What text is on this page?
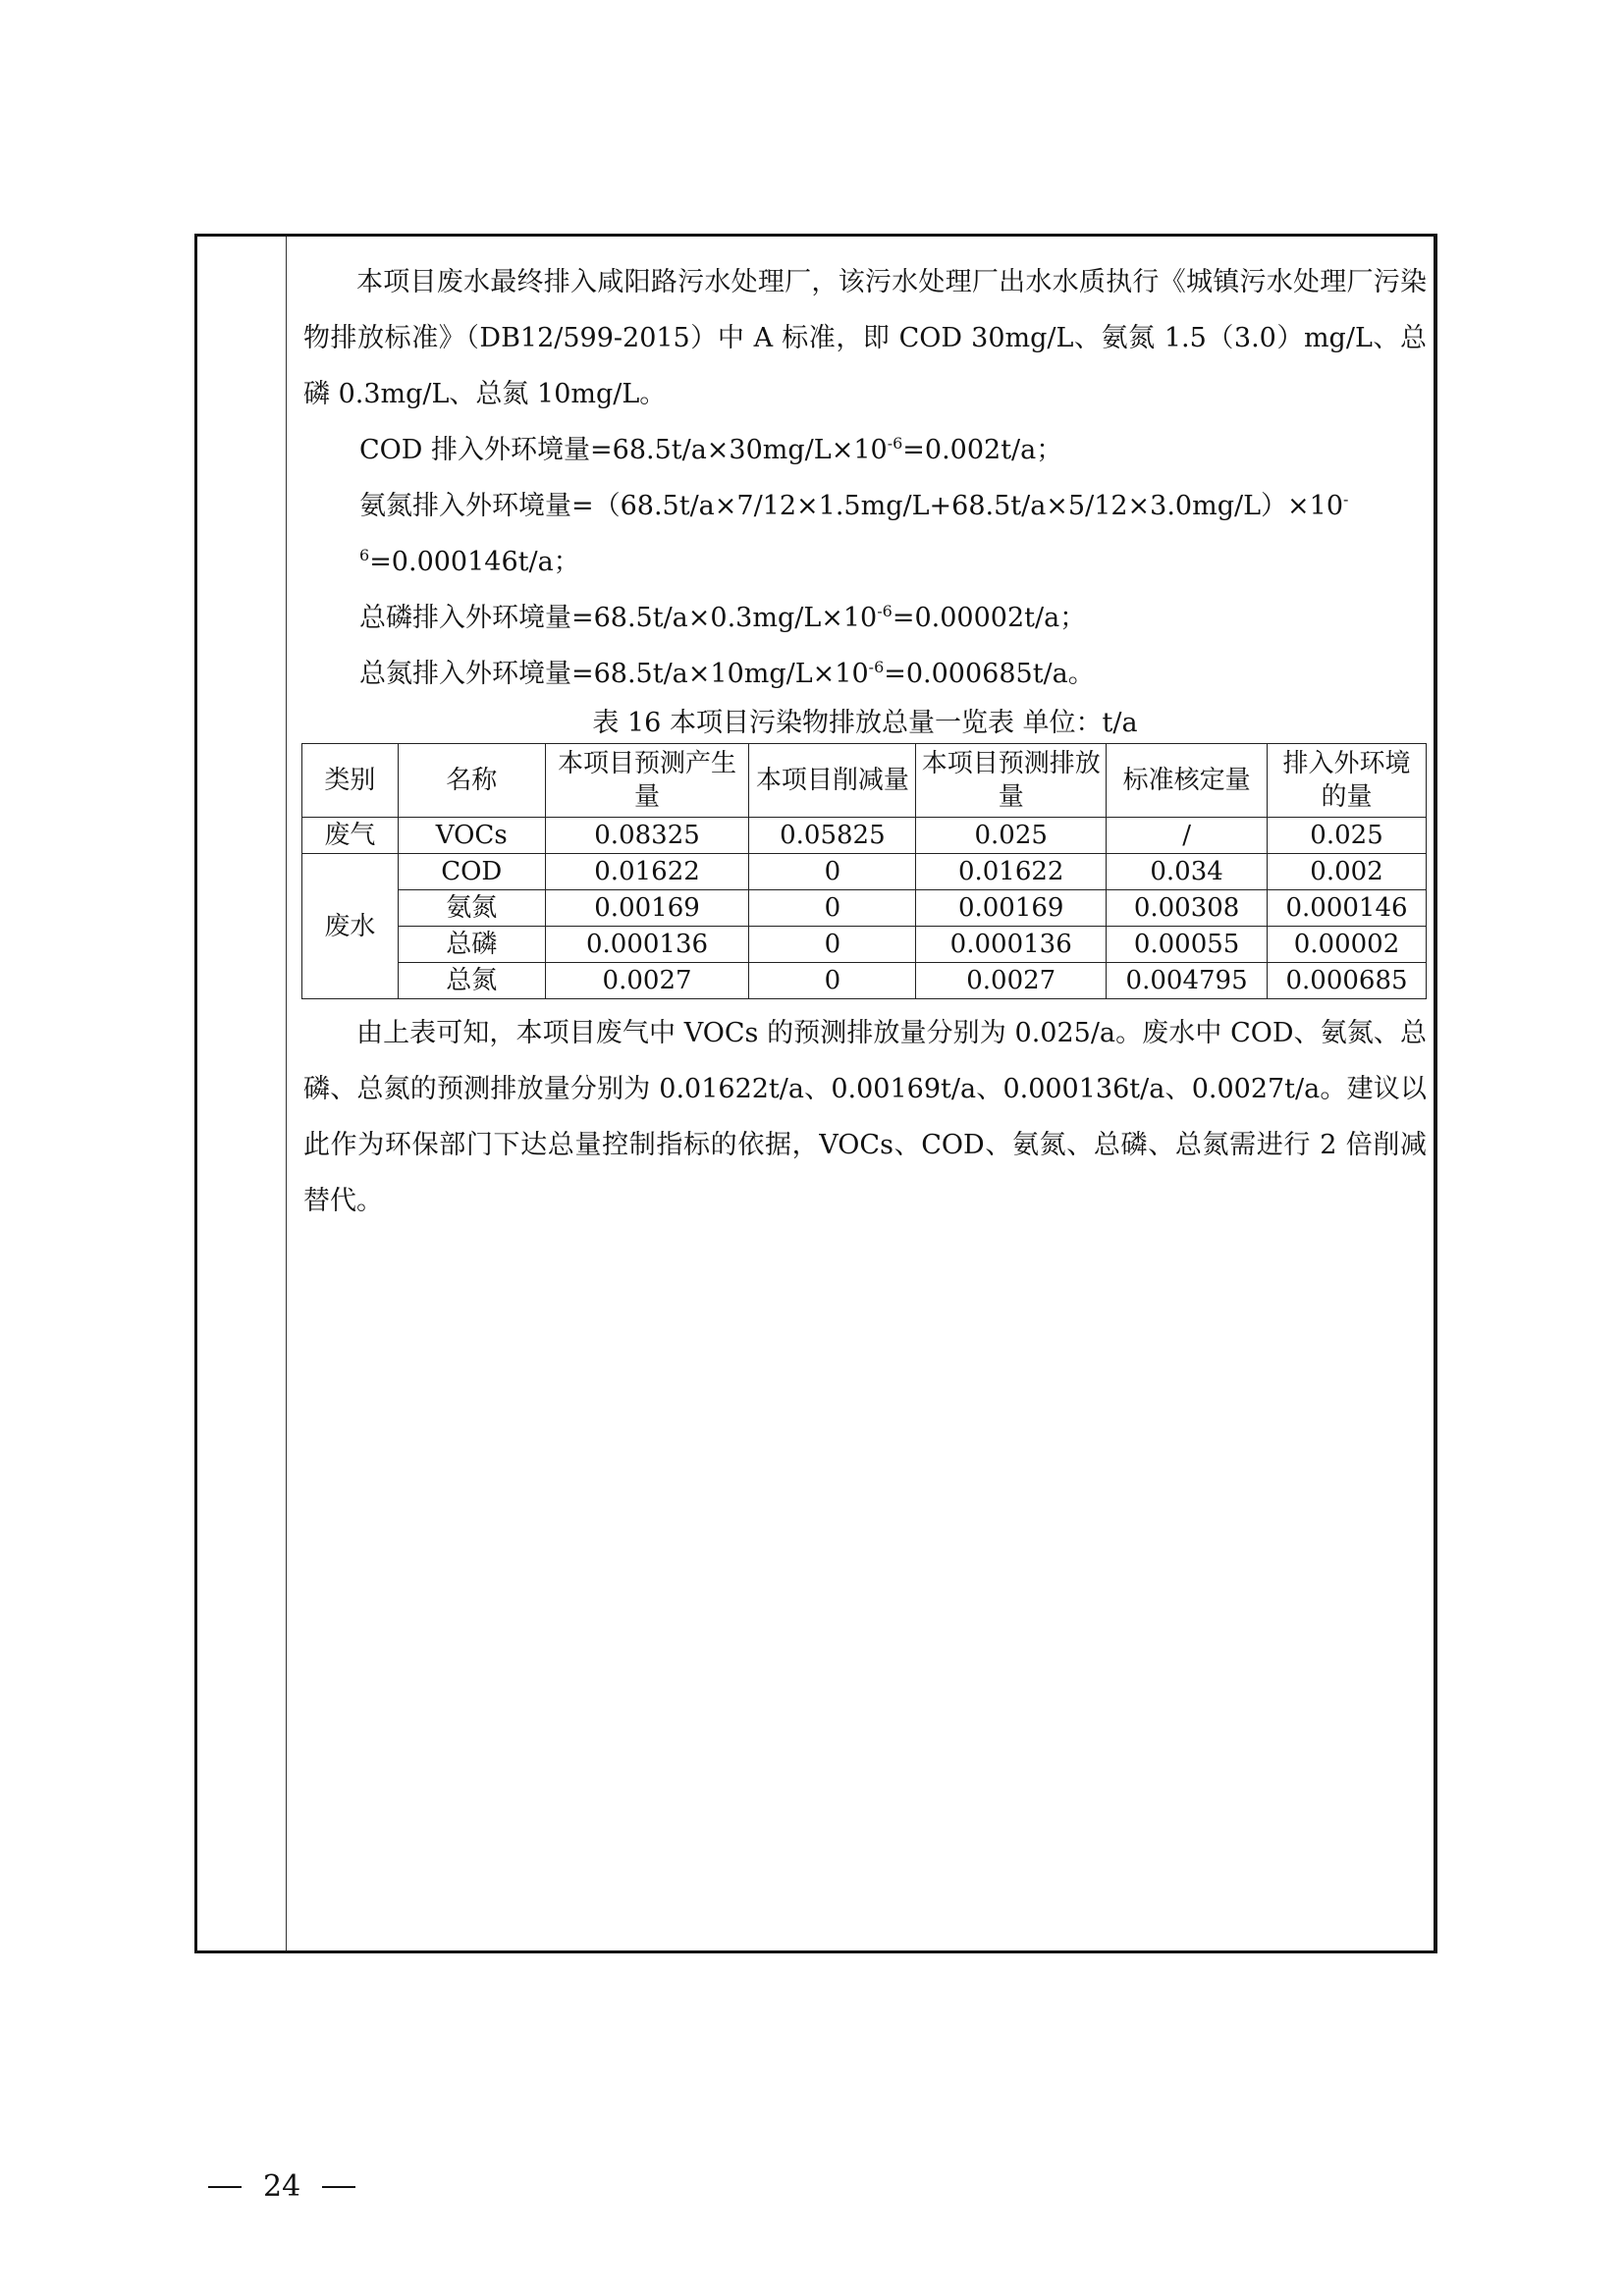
本项目废水最终排入咸阳路污水处理厂，该污水处理厂出水水质执行《城镇污水处理厂污染物排放标准》（DB12/599-2015）中 A 标准，即 COD 30mg/L、氨氮 1.5（3.0）mg/L、总磷 0.3mg/L、总氮 10mg/L。

COD 排入外环境量$=68.5t/a\times 30mg/L\times 10^{-6}=0.002t/a$；

氨氮排入外环境量$=(68.5t/a\times 7/12\times 1.5mg/L+68.5t/a\times 5/12\times 3.0mg/L)\times 10^{-6}=0.000146t/a$；

总磷排入外环境量$=68.5t/a\times 0.3mg/L\times 10^{-6}=0.00002t/a$；

总氮排入外环境量$=68.5t/a\times 10mg/L\times 10^{-6}=0.000685t/a$。

表 16 本项目污染物排放总量一览表 单位：t/a
类别	名称	本项目预测产生量	本项目削减量	本项目预测排放量	标准核定量	排入外环境的量
废气	VOCs	0.08325	0.05825	0.025	/	0.025
废水	COD	0.01622	0	0.01622	0.034	0.002
	氨氮	0.00169	0	0.00169	0.00308	0.000146
	总磷	0.000136	0	0.000136	0.00055	0.00002
	总氮	0.0027	0	0.0027	0.004795	0.000685

由上表可知，本项目废气中 VOCs 的预测排放量分别为 0.025/a。废水中 COD、氨氮、总磷、总氮的预测排放量分别为 0.01622t/a、0.00169t/a、0.000136t/a、0.0027t/a。建议以此作为环保部门下达总量控制指标的依据，VOCs、COD、氨氮、总磷、总氮需进行 2 倍削减替代。

24
